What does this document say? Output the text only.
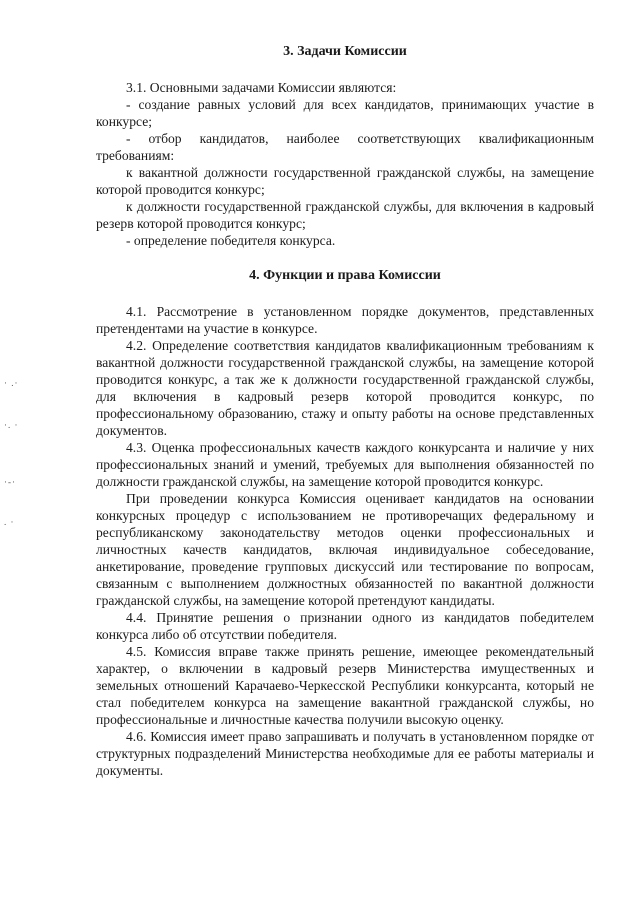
3. Задачи Комиссии

3.1. Основными задачами Комиссии являются:

- создание равных условий для всех кандидатов, принимающих участие в конкурсе;

- отбор кандидатов, наиболее соответствующих квалификационным требованиям:

к вакантной должности государственной гражданской службы, на замещение которой проводится конкурс;

к должности государственной гражданской службы, для включения в кадровый резерв которой проводится конкурс;

- определение победителя конкурса.

4. Функции и права Комиссии

4.1. Рассмотрение в установленном порядке документов, представленных претендентами на участие в конкурсе.

4.2. Определение соответствия кандидатов квалификационным требованиям к вакантной должности государственной гражданской службы, на замещение которой проводится конкурс, а так же к должности государственной гражданской службы, для включения в кадровый резерв которой проводится конкурс, по профессиональному образованию, стажу и опыту работы на основе представленных документов.

4.3. Оценка профессиональных качеств каждого конкурсанта и наличие у них профессиональных знаний и умений, требуемых для выполнения обязанностей по должности гражданской службы, на замещение которой проводится конкурс.

При проведении конкурса Комиссия оценивает кандидатов на основании конкурсных процедур с использованием не противоречащих федеральному и республиканскому законодательству методов оценки профессиональных и личностных качеств кандидатов, включая индивидуальное собеседование, анкетирование, проведение групповых дискуссий или тестирование по вопросам, связанным с выполнением должностных обязанностей по вакантной должности гражданской службы, на замещение которой претендуют кандидаты.

4.4. Принятие решения о признании одного из кандидатов победителем конкурса либо об отсутствии победителя.

4.5. Комиссия вправе также принять решение, имеющее рекомендательный характер, о включении в кадровый резерв Министерства имущественных и земельных отношений Карачаево-Черкесской Республики конкурсанта, который не стал победителем конкурса на замещение вакантной гражданской службы, но профессиональные и личностные качества получили высокую оценку.

4.6. Комиссия имеет право запрашивать и получать в установленном порядке от структурных подразделений Министерства необходимые для ее работы материалы и документы.

· .·
·. ·
·-·
. ·
